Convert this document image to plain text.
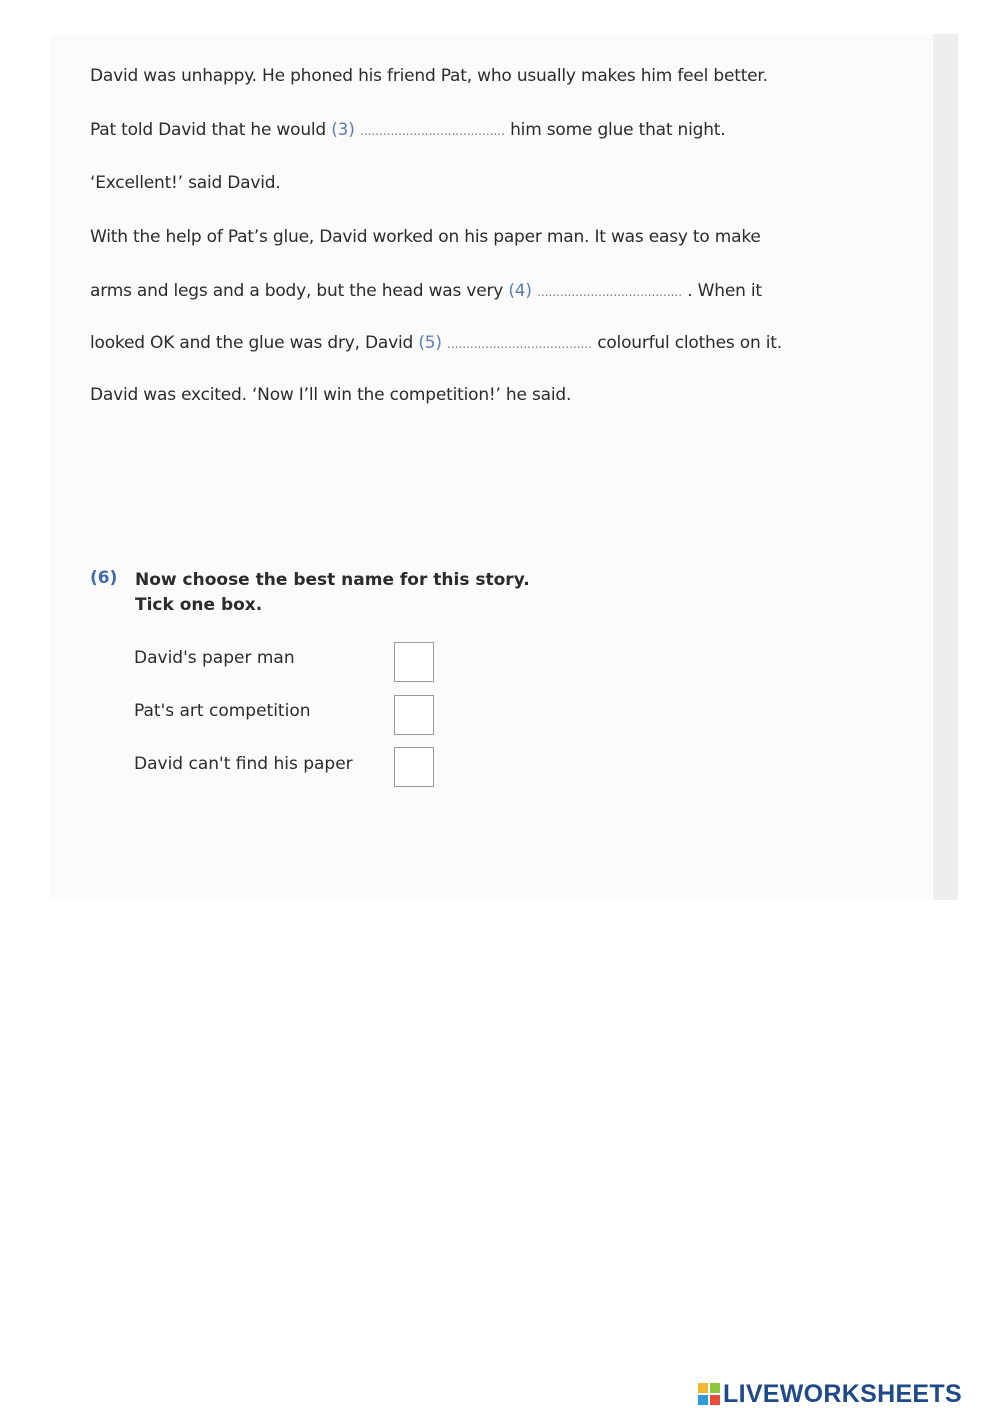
David was unhappy. He phoned his friend Pat, who usually makes him feel better.
Pat told David that he would (3) ...................................... him some glue that night.
‘Excellent!’ said David.
With the help of Pat’s glue, David worked on his paper man. It was easy to make
arms and legs and a body, but the head was very (4) ...................................... . When it
looked OK and the glue was dry, David (5) ...................................... colourful clothes on it.
David was excited. ‘Now I’ll win the competition!’ he said.
(6) Now choose the best name for this story.
Tick one box.
David's paper man
Pat's art competition
David can't find his paper
LIVEWORKSHEETS
